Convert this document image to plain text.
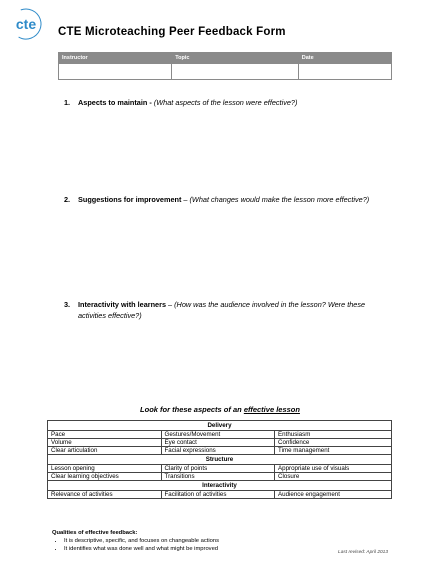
cte CTE Microteaching Peer Feedback Form
Instructor	Topic	Date

1. Aspects to maintain - (What aspects of the lesson were effective?)
2. Suggestions for improvement – (What changes would make the lesson more effective?)
3. Interactivity with learners – (How was the audience involved in the lesson? Were these activities effective?)
Look for these aspects of an effective lesson
Delivery		
Pace	Gestures/Movement	Enthusiasm
Volume	Eye contact	Confidence
Clear articulation	Facial expressions	Time management
Structure		
Lesson opening	Clarity of points	Appropriate use of visuals
Clear learning objectives	Transitions	Closure
Interactivity		
Relevance of activities	Facilitation of activities	Audience engagement
Qualities of effective feedback:
• It is descriptive, specific, and focuses on changeable actions
• It identifies what was done well and what might be improved
Last revised: April 2013
